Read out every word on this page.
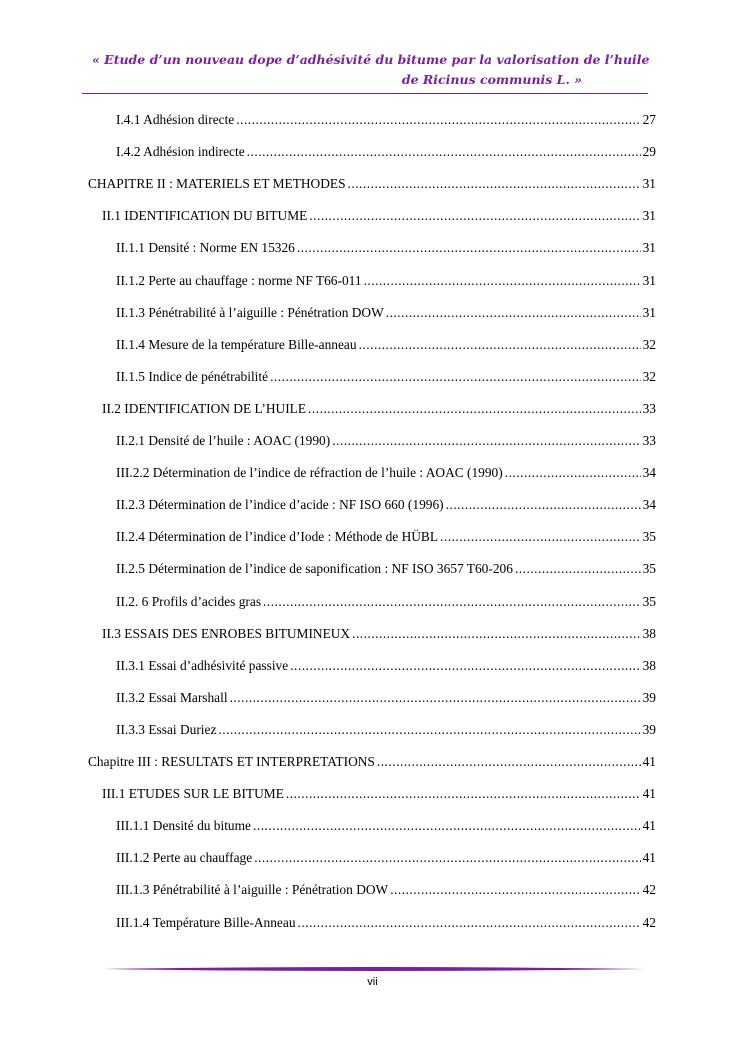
« Etude d’un nouveau dope d’adhésivité du bitume par la valorisation de l’huile
de Ricinus communis L. »
I.4.1 Adhésion directe .....	27
I.4.2 Adhésion indirecte .....	29
CHAPITRE II : MATERIELS ET METHODES .....	31
II.1 IDENTIFICATION DU BITUME .....	31
II.1.1 Densité : Norme EN 15326 .....	31
II.1.2 Perte au chauffage : norme NF T66-011 .....	31
II.1.3 Pénétrabilité à l’aiguille : Pénétration DOW .....	31
II.1.4 Mesure de la température Bille-anneau .....	32
II.1.5 Indice de pénétrabilité .....	32
II.2 IDENTIFICATION DE L’HUILE .....	33
II.2.1 Densité de l’huile : AOAC (1990) .....	33
III.2.2 Détermination de l’indice de réfraction de l’huile : AOAC (1990) .....	34
II.2.3 Détermination de l’indice d’acide : NF ISO 660 (1996) .....	34
II.2.4 Détermination de l’indice d’Iode : Méthode de HÜBL .....	35
II.2.5 Détermination de l’indice de saponification : NF ISO 3657 T60-206 .....	35
II.2. 6 Profils d’acides gras .....	35
II.3 ESSAIS DES ENROBES BITUMINEUX .....	38
II.3.1 Essai d’adhésivité passive .....	38
II.3.2 Essai Marshall .....	39
II.3.3 Essai Duriez .....	39
Chapitre III : RESULTATS ET INTERPRETATIONS .....	41
III.1 ETUDES SUR LE BITUME .....	41
III.1.1 Densité du bitume .....	41
III.1.2 Perte au chauffage .....	41
III.1.3 Pénétrabilité à l’aiguille : Pénétration DOW .....	42
III.1.4 Température Bille-Anneau .....	42
vii
